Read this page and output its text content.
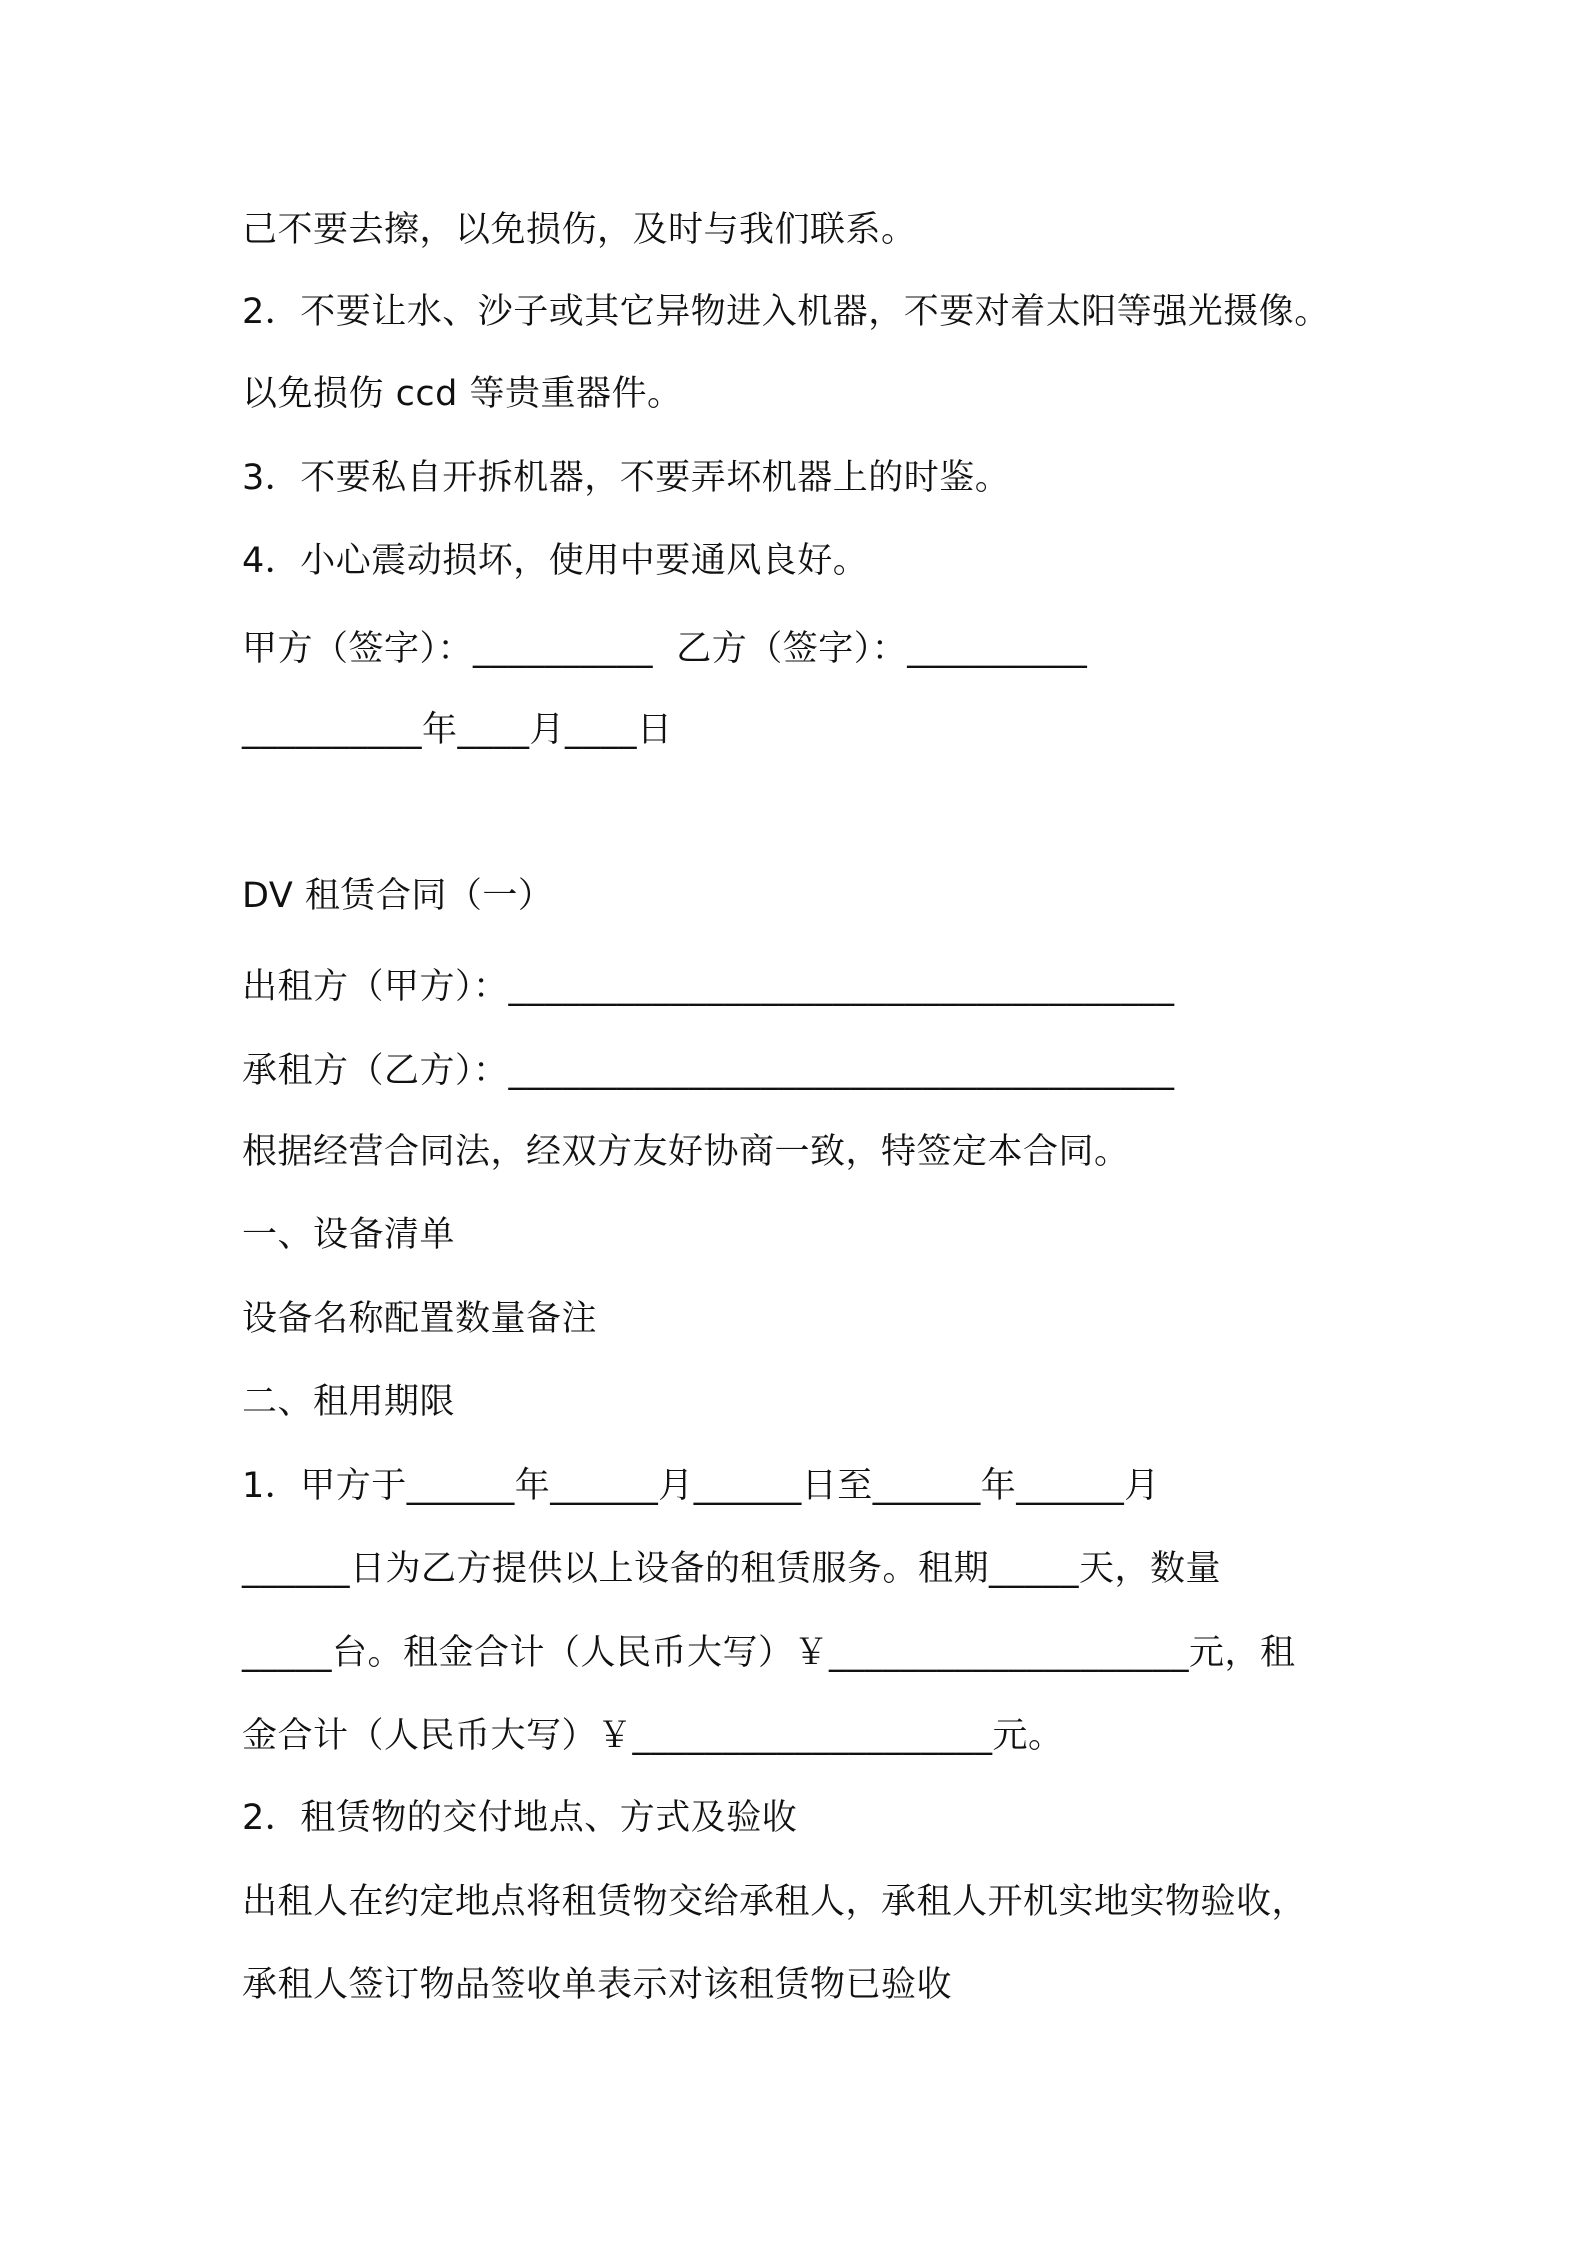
己不要去擦，以免损伤，及时与我们联系。
2．不要让水、沙子或其它异物进入机器，不要对着太阳等强光摄像。
以免损伤 ccd 等贵重器件。
3．不要私自开拆机器，不要弄坏机器上的时鉴。
4．小心震动损坏，使用中要通风良好。
甲方（签字）：__________  乙方（签字）：__________
__________年____月____日
DV 租赁合同（一）
出租方（甲方）：_____________________________________
承租方（乙方）：_____________________________________
根据经营合同法，经双方友好协商一致，特签定本合同。
一、设备清单
设备名称配置数量备注
二、租用期限
1．甲方于______年______月______日至______年______月
______日为乙方提供以上设备的租赁服务。租期_____天，数量
_____台。租金合计（人民币大写）￥____________________元，租
金合计（人民币大写）￥____________________元。
2．租赁物的交付地点、方式及验收
出租人在约定地点将租赁物交给承租人，承租人开机实地实物验收，
承租人签订物品签收单表示对该租赁物已验收
